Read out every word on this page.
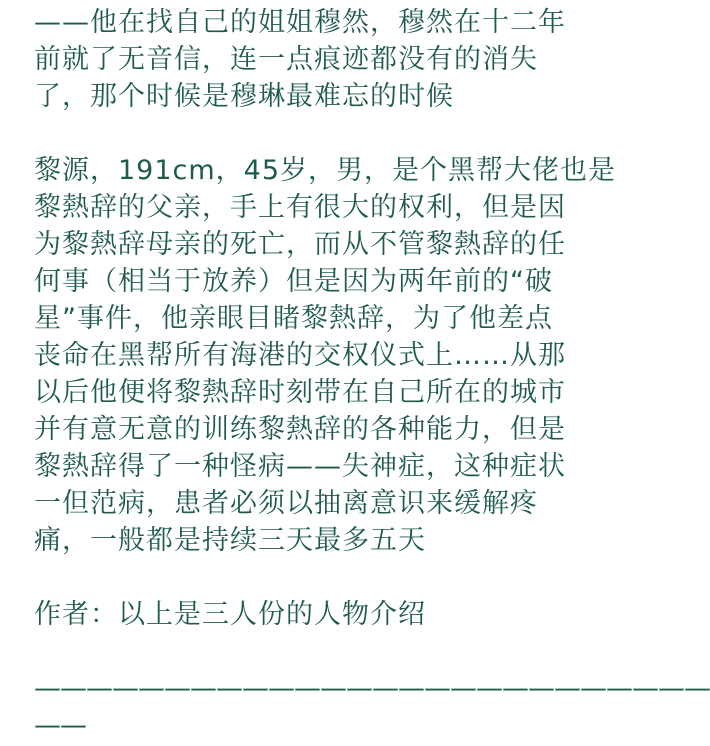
——他在找自己的姐姐穆然，穆然在十二年
前就了无音信，连一点痕迹都没有的消失
了，那个时候是穆琳最难忘的时候
黎源，191cm，45岁，男，是个黑帮大佬也是
黎熱辞的父亲，手上有很大的权利，但是因
为黎熱辞母亲的死亡，而从不管黎熱辞的任
何事（相当于放养）但是因为两年前的“破
星”事件，他亲眼目睹黎熱辞，为了他差点
丧命在黑帮所有海港的交权仪式上……从那
以后他便将黎熱辞时刻带在自己所在的城市
并有意无意的训练黎熱辞的各种能力，但是
黎熱辞得了一种怪病——失神症，这种症状
一但范病，患者必须以抽离意识来缓解疼
痛，一般都是持续三天最多五天
作者：以上是三人份的人物介绍
——————————————————————————
——
